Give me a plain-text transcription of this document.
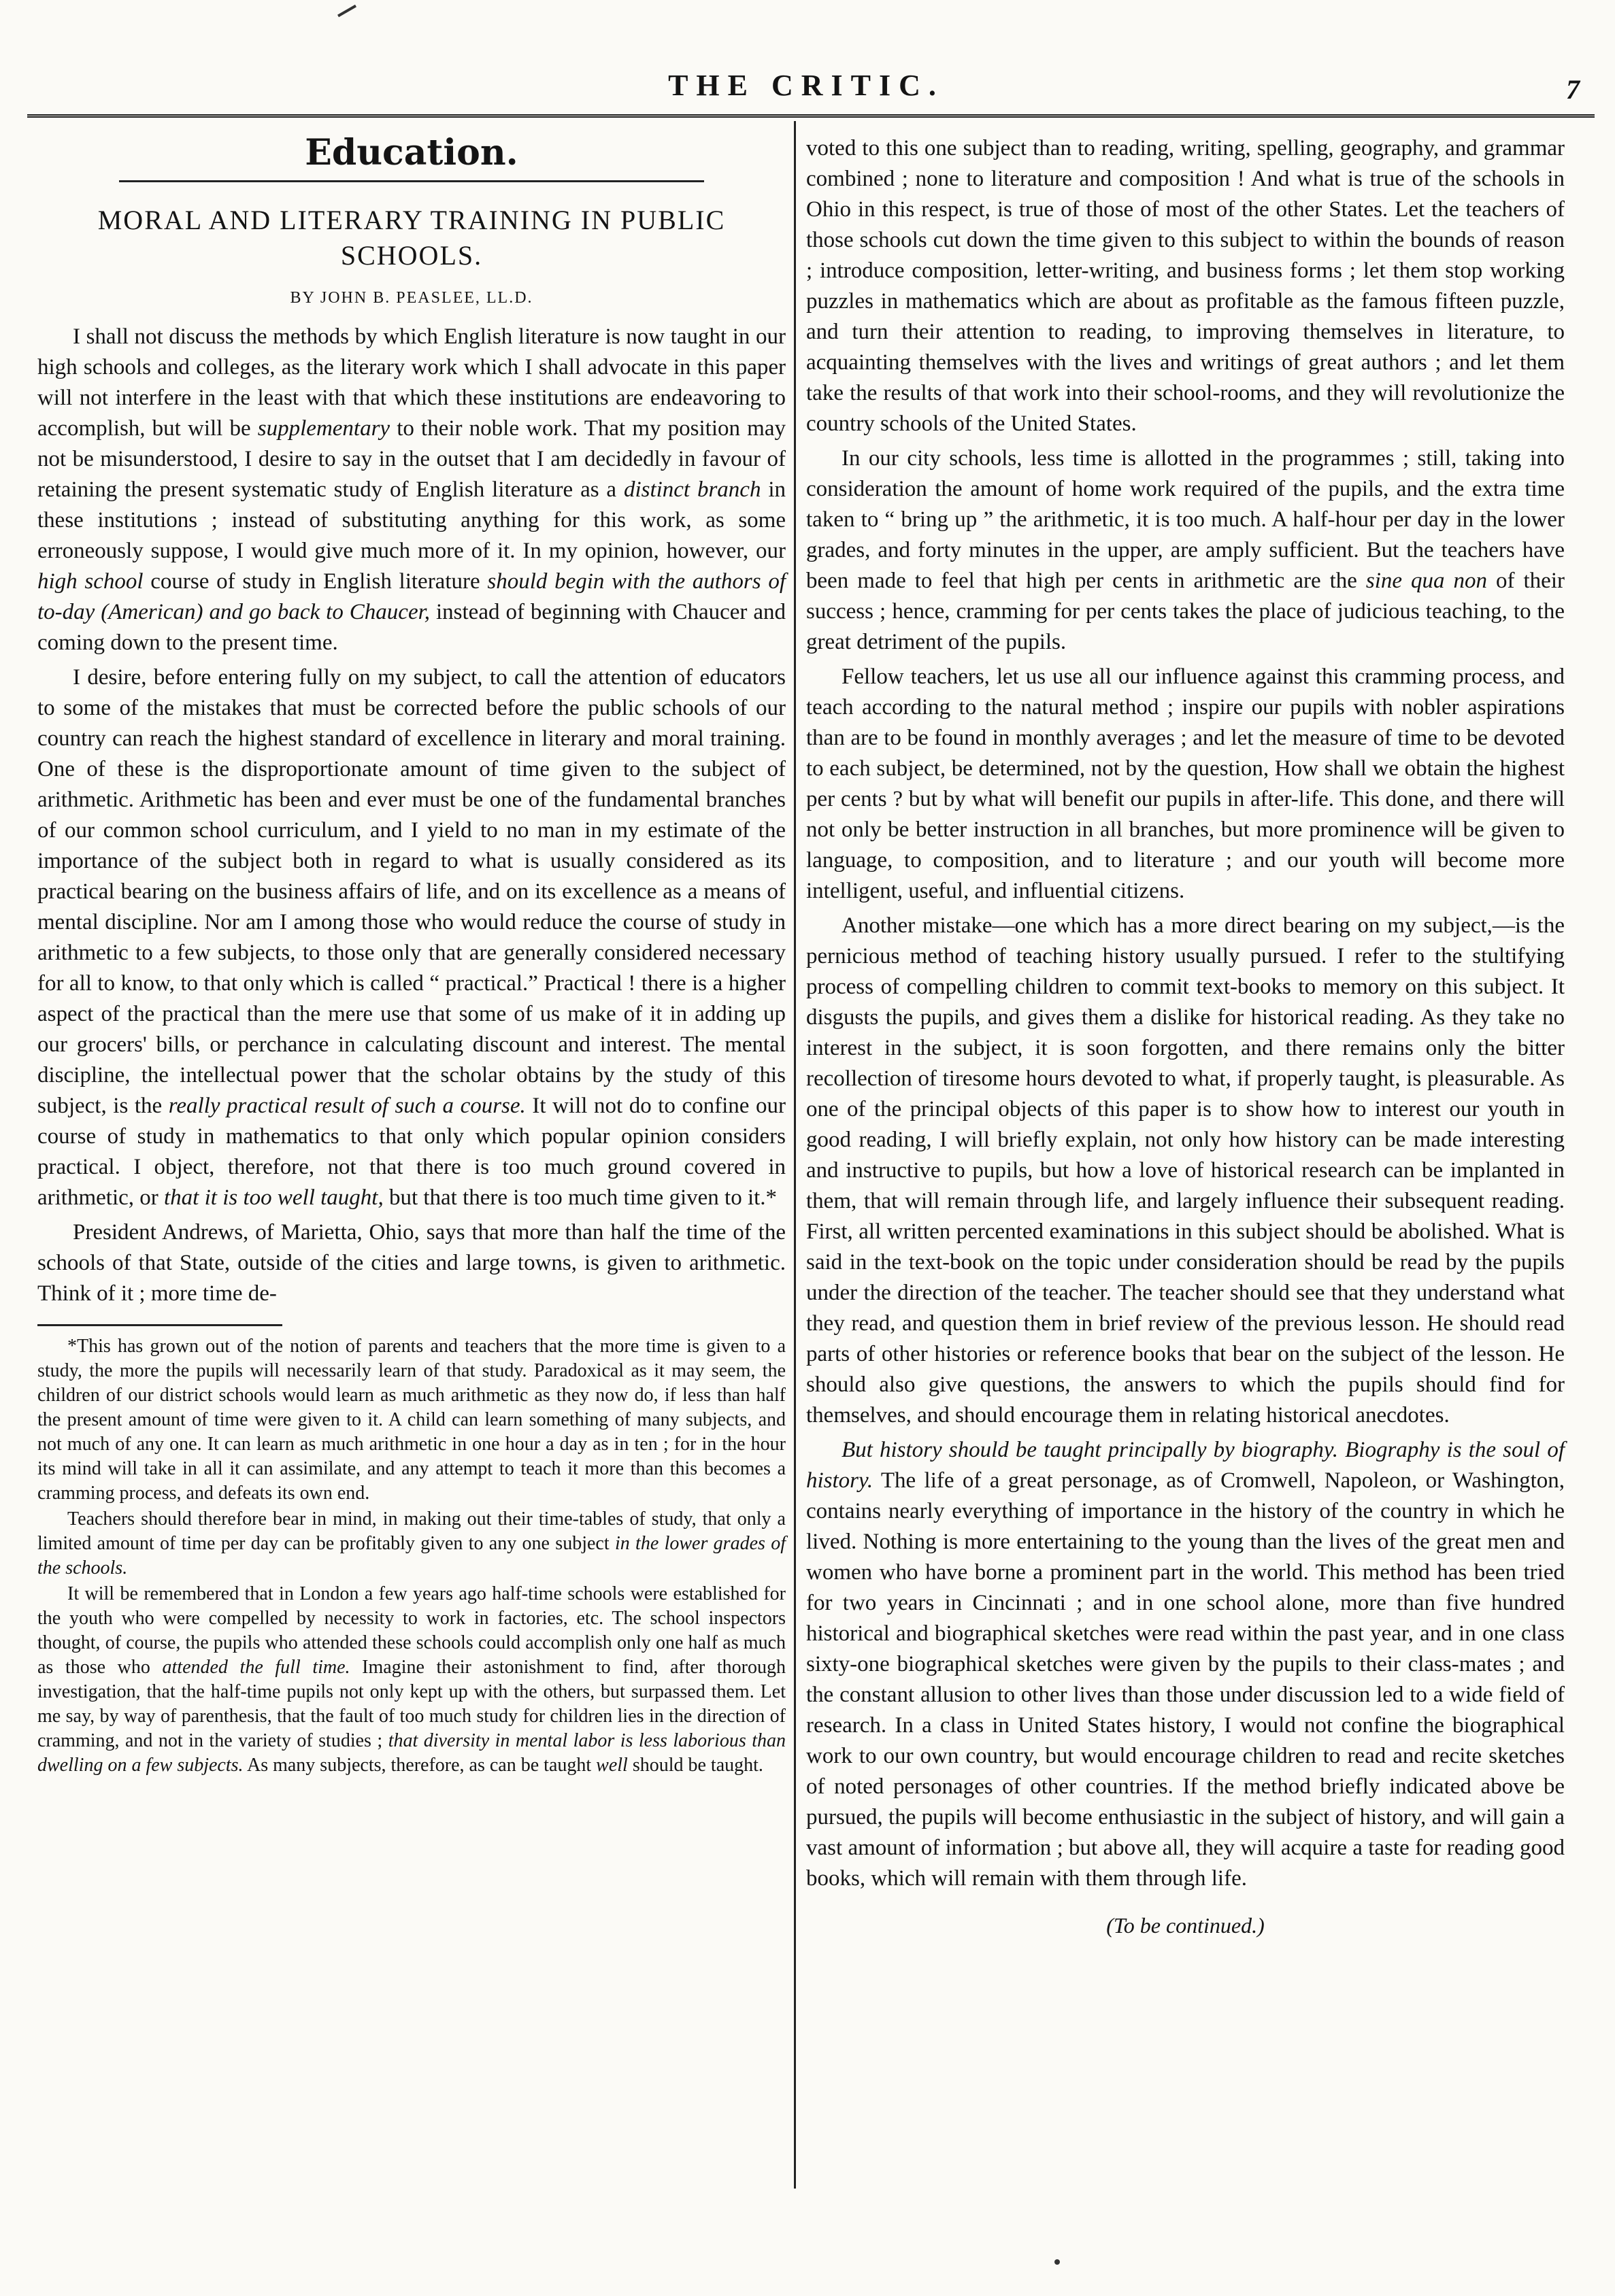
THE CRITIC.	7
Education.
MORAL AND LITERARY TRAINING IN PUBLIC SCHOOLS.
BY JOHN B. PEASLEE, LL.D.

I shall not discuss the methods by which English literature is now taught in our high schools and colleges, as the literary work which I shall advocate in this paper will not interfere in the least with that which these institutions are endeavoring to accomplish, but will be supplementary to their noble work. That my position may not be misunderstood, I desire to say in the outset that I am decidedly in favour of retaining the present systematic study of English literature as a distinct branch in these institutions ; instead of substituting anything for this work, as some erroneously suppose, I would give much more of it. In my opinion, however, our high school course of study in English literature should begin with the authors of to-day (American) and go back to Chaucer, instead of beginning with Chaucer and coming down to the present time.

I desire, before entering fully on my subject, to call the attention of educators to some of the mistakes that must be corrected before the public schools of our country can reach the highest standard of excellence in literary and moral training. One of these is the disproportionate amount of time given to the subject of arithmetic. Arithmetic has been and ever must be one of the fundamental branches of our common school curriculum, and I yield to no man in my estimate of the importance of the subject both in regard to what is usually considered as its practical bearing on the business affairs of life, and on its excellence as a means of mental discipline. Nor am I among those who would reduce the course of study in arithmetic to a few subjects, to those only that are generally considered necessary for all to know, to that only which is called “ practical.” Practical ! there is a higher aspect of the practical than the mere use that some of us make of it in adding up our grocers' bills, or perchance in calculating discount and interest. The mental discipline, the intellectual power that the scholar obtains by the study of this subject, is the really practical result of such a course. It will not do to confine our course of study in mathematics to that only which popular opinion considers practical. I object, therefore, not that there is too much ground covered in arithmetic, or that it is too well taught, but that there is too much time given to it.*

President Andrews, of Marietta, Ohio, says that more than half the time of the schools of that State, outside of the cities and large towns, is given to arithmetic. Think of it ; more time de-

*This has grown out of the notion of parents and teachers that the more time is given to a study, the more the pupils will necessarily learn of that study. Paradoxical as it may seem, the children of our district schools would learn as much arithmetic as they now do, if less than half the present amount of time were given to it. A child can learn something of many subjects, and not much of any one. It can learn as much arithmetic in one hour a day as in ten ; for in the hour its mind will take in all it can assimilate, and any attempt to teach it more than this becomes a cramming process, and defeats its own end.

Teachers should therefore bear in mind, in making out their time-tables of study, that only a limited amount of time per day can be profitably given to any one subject in the lower grades of the schools.

It will be remembered that in London a few years ago half-time schools were established for the youth who were compelled by necessity to work in factories, etc. The school inspectors thought, of course, the pupils who attended these schools could accomplish only one half as much as those who attended the full time. Imagine their astonishment to find, after thorough investigation, that the half-time pupils not only kept up with the others, but surpassed them. Let me say, by way of parenthesis, that the fault of too much study for children lies in the direction of cramming, and not in the variety of studies ; that diversity in mental labor is less laborious than dwelling on a few subjects. As many subjects, therefore, as can be taught well should be taught.

voted to this one subject than to reading, writing, spelling, geography, and grammar combined ; none to literature and composition ! And what is true of the schools in Ohio in this respect, is true of those of most of the other States. Let the teachers of those schools cut down the time given to this subject to within the bounds of reason ; introduce composition, letter-writing, and business forms ; let them stop working puzzles in mathematics which are about as profitable as the famous fifteen puzzle, and turn their attention to reading, to improving themselves in literature, to acquainting themselves with the lives and writings of great authors ; and let them take the results of that work into their school-rooms, and they will revolutionize the country schools of the United States.

In our city schools, less time is allotted in the programmes ; still, taking into consideration the amount of home work required of the pupils, and the extra time taken to “ bring up ” the arithmetic, it is too much. A half-hour per day in the lower grades, and forty minutes in the upper, are amply sufficient. But the teachers have been made to feel that high per cents in arithmetic are the sine qua non of their success ; hence, cramming for per cents takes the place of judicious teaching, to the great detriment of the pupils.

Fellow teachers, let us use all our influence against this cramming process, and teach according to the natural method ; inspire our pupils with nobler aspirations than are to be found in monthly averages ; and let the measure of time to be devoted to each subject, be determined, not by the question, How shall we obtain the highest per cents ? but by what will benefit our pupils in after-life. This done, and there will not only be better instruction in all branches, but more prominence will be given to language, to composition, and to literature ; and our youth will become more intelligent, useful, and influential citizens.

Another mistake—one which has a more direct bearing on my subject,—is the pernicious method of teaching history usually pursued. I refer to the stultifying process of compelling children to commit text-books to memory on this subject. It disgusts the pupils, and gives them a dislike for historical reading. As they take no interest in the subject, it is soon forgotten, and there remains only the bitter recollection of tiresome hours devoted to what, if properly taught, is pleasurable. As one of the principal objects of this paper is to show how to interest our youth in good reading, I will briefly explain, not only how history can be made interesting and instructive to pupils, but how a love of historical research can be implanted in them, that will remain through life, and largely influence their subsequent reading. First, all written percented examinations in this subject should be abolished. What is said in the text-book on the topic under consideration should be read by the pupils under the direction of the teacher. The teacher should see that they understand what they read, and question them in brief review of the previous lesson. He should read parts of other histories or reference books that bear on the subject of the lesson. He should also give questions, the answers to which the pupils should find for themselves, and should encourage them in relating historical anecdotes.

But history should be taught principally by biography. Biography is the soul of history. The life of a great personage, as of Cromwell, Napoleon, or Washington, contains nearly everything of importance in the history of the country in which he lived. Nothing is more entertaining to the young than the lives of the great men and women who have borne a prominent part in the world. This method has been tried for two years in Cincinnati ; and in one school alone, more than five hundred historical and biographical sketches were read within the past year, and in one class sixty-one biographical sketches were given by the pupils to their class-mates ; and the constant allusion to other lives than those under discussion led to a wide field of research. In a class in United States history, I would not confine the biographical work to our own country, but would encourage children to read and recite sketches of noted personages of other countries. If the method briefly indicated above be pursued, the pupils will become enthusiastic in the subject of history, and will gain a vast amount of information ; but above all, they will acquire a taste for reading good books, which will remain with them through life.

(To be continued.)
